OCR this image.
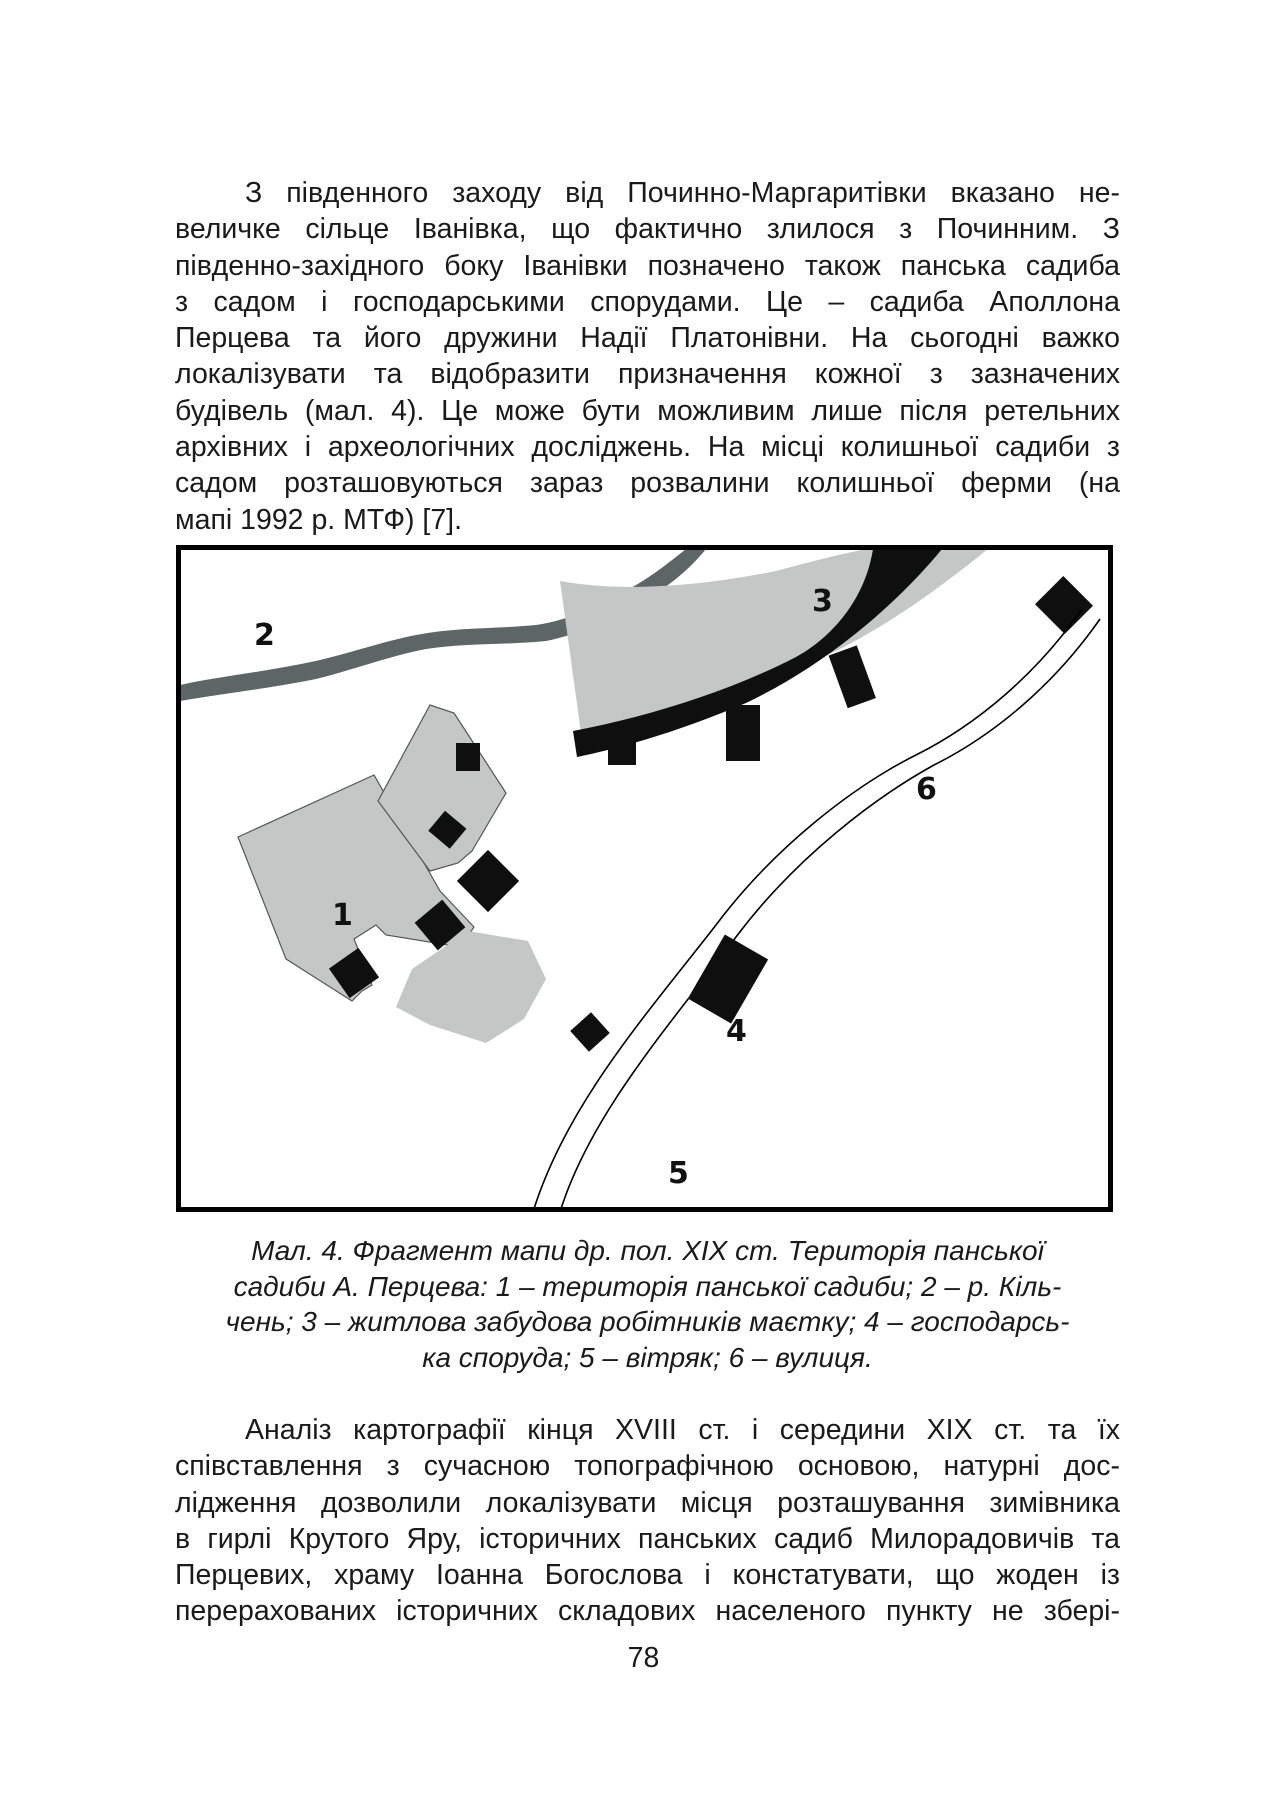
З південного заходу від Починно-Маргаритівки вказано не-
величке сільце Іванівка, що фактично злилося з Починним. З
південно-західного боку Іванівки позначено також панська садиба
з садом і господарськими спорудами. Це – садиба Аполлона
Перцева та його дружини Надії Платонівни. На сьогодні важко
локалізувати та відобразити призначення кожної з зазначених
будівель (мал. 4). Це може бути можливим лише після ретельних
архівних і археологічних досліджень. На місці колишньої садиби з
садом розташовуються зараз розвалини колишньої ферми (на
мапі 1992 р. МТФ) [7].

1
2
3
4
5
6

Мал. 4. Фрагмент мапи др. пол. XIX ст. Територія панської
садиби А. Перцева: 1 – територія панської садиби; 2 – р. Кіль-
чень; 3 – житлова забудова робітників маєтку; 4 – господарсь-
ка споруда; 5 – вітряк; 6 – вулиця.

Аналіз картографії кінця XVIII ст. і середини XIX ст. та їх
співставлення з сучасною топографічною основою, натурні дос-
лідження дозволили локалізувати місця розташування зимівника
в гирлі Крутого Яру, історичних панських садиб Милорадовичів та
Перцевих, храму Іоанна Богослова і констатувати, що жоден із
перерахованих історичних складових населеного пункту не збері-

78
